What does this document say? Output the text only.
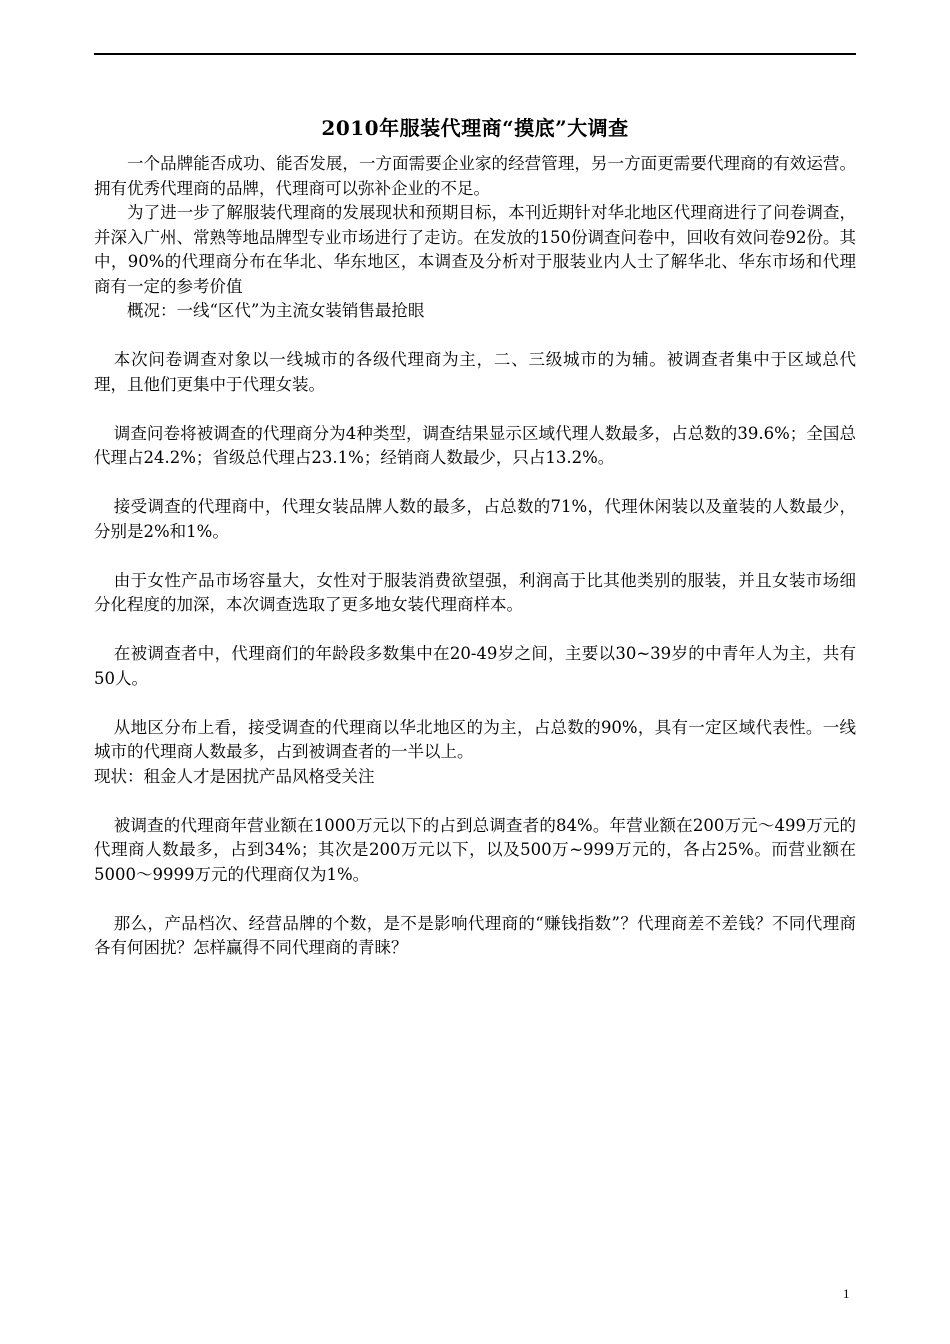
2010年服装代理商“摸底”大调查

一个品牌能否成功、能否发展，一方面需要企业家的经营管理，另一方面更需要代理商的有效运营。拥有优秀代理商的品牌，代理商可以弥补企业的不足。

为了进一步了解服装代理商的发展现状和预期目标，本刊近期针对华北地区代理商进行了问卷调查，并深入广州、常熟等地品牌型专业市场进行了走访。在发放的150份调查问卷中，回收有效问卷92份。其中，90%的代理商分布在华北、华东地区，本调查及分析对于服装业内人士了解华北、华东市场和代理商有一定的参考价值

概况：一线“区代”为主流女装销售最抢眼

本次问卷调查对象以一线城市的各级代理商为主，二、三级城市的为辅。被调查者集中于区域总代理，且他们更集中于代理女装。

调查问卷将被调查的代理商分为4种类型，调查结果显示区域代理人数最多，占总数的39.6%；全国总代理占24.2%；省级总代理占23.1%；经销商人数最少，只占13.2%。

接受调查的代理商中，代理女装品牌人数的最多，占总数的71%，代理休闲装以及童装的人数最少，分别是2%和1%。

由于女性产品市场容量大，女性对于服装消费欲望强，利润高于比其他类别的服装，并且女装市场细分化程度的加深，本次调查选取了更多地女装代理商样本。

在被调查者中，代理商们的年龄段多数集中在20-49岁之间，主要以30~39岁的中青年人为主，共有50人。

从地区分布上看，接受调查的代理商以华北地区的为主，占总数的90%，具有一定区域代表性。一线城市的代理商人数最多，占到被调查者的一半以上。

现状：租金人才是困扰产品风格受关注

被调查的代理商年营业额在1000万元以下的占到总调查者的84%。年营业额在200万元～499万元的代理商人数最多，占到34%；其次是200万元以下，以及500万~999万元的，各占25%。而营业额在5000～9999万元的代理商仅为1%。

那么，产品档次、经营品牌的个数，是不是影响代理商的“赚钱指数”？代理商差不差钱？不同代理商各有何困扰？怎样赢得不同代理商的青睐？

1
